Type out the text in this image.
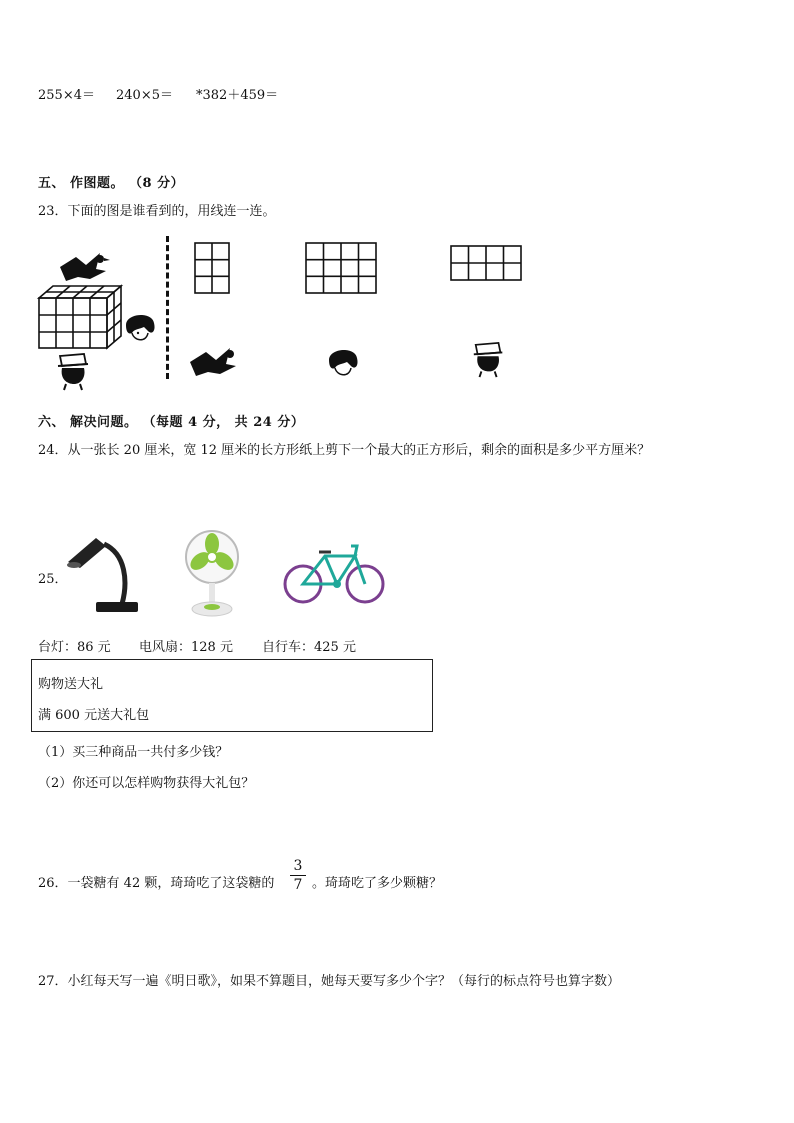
255×4＝ 240×5＝ *382＋459＝
五、 作图题。 （8 分）
23．下面的图是谁看到的，用线连一连。
六、 解决问题。 （每题 4 分， 共 24 分）
24．从一张长 20 厘米，宽 12 厘米的长方形纸上剪下一个最大的正方形后，剩余的面积是多少平方厘米？
25．
台灯：86 元 电风扇：128 元 自行车：425 元
购物送大礼
满 600 元送大礼包
（1）买三种商品一共付多少钱？
（2）你还可以怎样购物获得大礼包？
26．一袋糖有 42 颗，琦琦吃了这袋糖的
3
7 。琦琦吃了多少颗糖？
27．小红每天写一遍《明日歌》，如果不算题目，她每天要写多少个字？（每行的标点符号也算字数）
